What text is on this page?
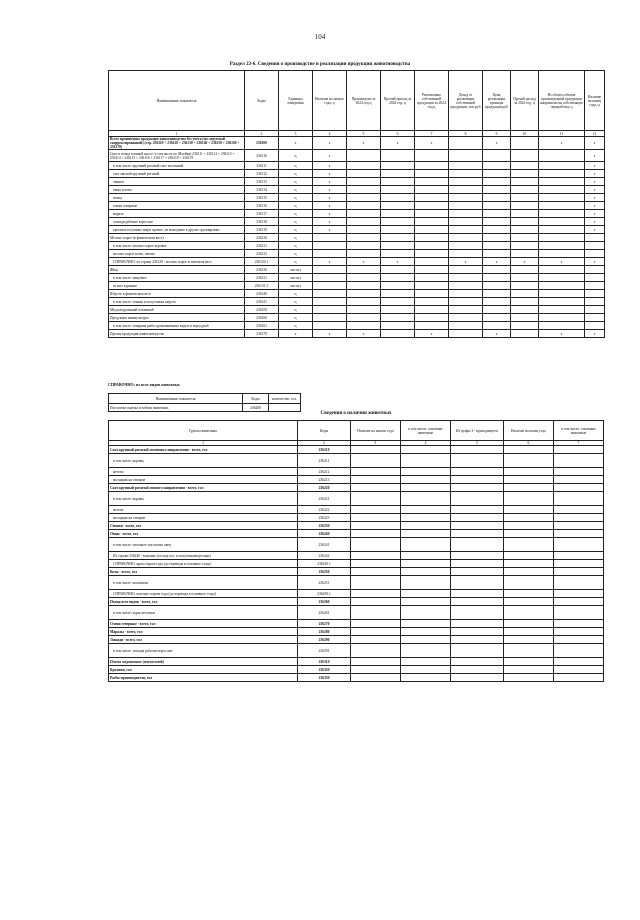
104
Раздел 23-6. Сведения о производстве и реализации продукции животноводства
Наименование показателя	Коды	Единицы измерения	Наличие на начало года, ц	Произведено за 2024 год ц	Прочий приход за 2024 год, ц	Реализовано собственной продукции за 2024 год ц	Доход от реализации собственной продукции, тыс.руб	Цена реализации единицы продукции руб	Прочий расход за 2024 год, ц	Из общего объема произведенной продукции направлено на собственную переработку ц	Наличие на конец года, ц
1	2	3	4	5	6	7	8	9	10	11	12
Всего произведено продукции животноводства без учета (исследуемый скорректированной) (стр. 236110 + 236120 + 236130 + 236140 + 236150 + 236160 + 236170)	236100	х	х	х	х	х		х		х	х
Скот и птица в живой массе, в том числе по (Ячейка) 236111 + 236112 + 236113 + 236114 + 236115 + 236116 + 236117 + 236118 + 236119	236110	ц	х								х
в том числе: крупный рогатый скот молочный	236111	ц	х								х
скот мясной крупный рогатый	236112	ц	х								х
свиньи	236113	ц	х								х
овцы и козы	236114	ц	х								х
птица	236115	ц	х								х
олени северные	236116	ц	х								х
мараль	236117	ц	х								х
лошади рабочие взрослые	236118	ц	х								х
кролики и пушные звери прочие, не вошедшие в другие группировки	236119	ц	х								х
Молоко сырое (в физическом весе)	236120	ц									
в том числе: молоко сырое коровье	236121	ц									
молоко сырое козье, овечье	236122	ц									
СПРАВОЧНО: из строки 236120 - молоко сырое в зачетном весе	236120.1	ц	х	х	х		х	х	х	х	х
Яйца	236130	тыс.шт									
в том числе: пищевые	236131	тыс.шт									
из них куриные	236131.1	тыс.шт									
Шерсть в физическом весе	236140	ц									
в том числе: тонкая и полутонкая шерсть	236141	ц									
Мед натуральный пчелиный	236150	ц									
Продукция аквакультуры	236160	ц									
в том числе: товарная рыба одомашненных видов и пород рыб	236161	ц									
Прочая продукция животноводства	236170	х	х	х		х		х		х	х
СПРАВОЧНО: из всех видов животных
Наименование показателя	Коды	количество, гол.
Поголовье падежа и гибели животных	236200	
Сведения о наличии животных
Группы животных	Коды	Наличие на начало года	в том числе: основные животные	Из графы 3 - приходящееся	Наличие на конец года	в том числе: основные животные
1	2	3	4	5	6	7
Скот крупный рогатый молочного направления - всего, гол	236210					
в том числе: коровы	236211					
нетели	236212					
молодняк на откорме	236213					
Скот крупный рогатый мясного направления - всего, гол	236220					
в том числе: коровы	236221					
нетели	236222					
молодняк на откорме	236223					
Свиньи - всего, гол	236230					
Овцы - всего, гол	236240					
в том числе: маточное поголовье овец	236241					
Из строки 236240 - вольные (господ.хоз. и полутонкошерстные)	236242					
СПРАВОЧНО: ярки старше года (до перевода в основное стадо)	236230.1					
Козы - всего, гол	236250					
в том числе: козоматки	236251					
СПРАВОЧНО: козочки старше года (до перевода в основное стадо)	236250.1					
Птица всех видов - всего, гол	236260					
в том числе: куры-несушки	236261					
Олени северные - всего, гол	236270					
Маралы - всего, гол	236280					
Лошади - всего, гол	236290					
в том числе: лошади рабочие взрослые	236291					
Пчелы медоносные (пчелосемей)	236310					
Кролики, гол	236320					
Рыбы-производители, гол	236330					
